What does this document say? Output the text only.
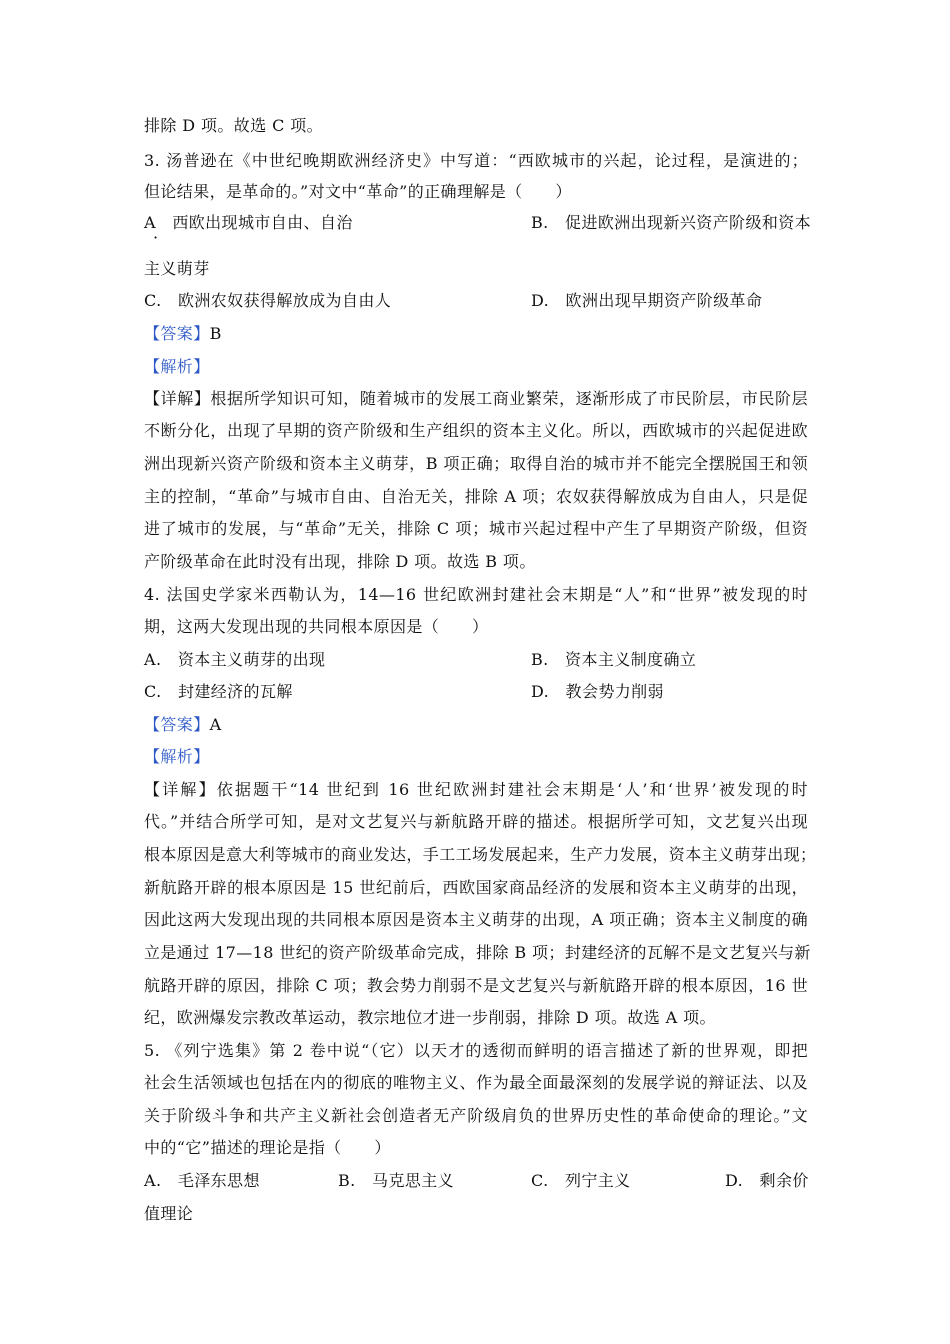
排除 D 项。故选 C 项。
3. 汤普逊在《中世纪晚期欧洲经济史》中写道：“西欧城市的兴起，论过程，是演进的；
但论结果，是革命的。”对文中“革命”的正确理解是（　　）
A　西欧出现城市自由、自治
·
B.　促进欧洲出现新兴资产阶级和资本
主义萌芽
C.　欧洲农奴获得解放成为自由人	D.　欧洲出现早期资产阶级革命
【答案】B
【解析】
【详解】根据所学知识可知，随着城市的发展工商业繁荣，逐渐形成了市民阶层，市民阶层
不断分化，出现了早期的资产阶级和生产组织的资本主义化。所以，西欧城市的兴起促进欧
洲出现新兴资产阶级和资本主义萌芽，B 项正确；取得自治的城市并不能完全摆脱国王和领
主的控制，“革命”与城市自由、自治无关，排除 A 项；农奴获得解放成为自由人，只是促
进了城市的发展，与“革命”无关，排除 C 项；城市兴起过程中产生了早期资产阶级，但资
产阶级革命在此时没有出现，排除 D 项。故选 B 项。
4. 法国史学家米西勒认为，14—16 世纪欧洲封建社会末期是“人”和“世界”被发现的时
期，这两大发现出现的共同根本原因是（　　）
A.　资本主义萌芽的出现	B.　资本主义制度确立
C.　封建经济的瓦解	D.　教会势力削弱
【答案】A
【解析】
【详解】依据题干“14 世纪到 16 世纪欧洲封建社会末期是‘人’和‘世界’被发现的时
代。”并结合所学可知，是对文艺复兴与新航路开辟的描述。根据所学可知，文艺复兴出现
根本原因是意大利等城市的商业发达，手工工场发展起来，生产力发展，资本主义萌芽出现；
新航路开辟的根本原因是 15 世纪前后，西欧国家商品经济的发展和资本主义萌芽的出现，
因此这两大发现出现的共同根本原因是资本主义萌芽的出现，A 项正确；资本主义制度的确
立是通过 17—18 世纪的资产阶级革命完成，排除 B 项；封建经济的瓦解不是文艺复兴与新
航路开辟的原因，排除 C 项；教会势力削弱不是文艺复兴与新航路开辟的根本原因，16 世
纪，欧洲爆发宗教改革运动，教宗地位才进一步削弱，排除 D 项。故选 A 项。
5. 《列宁选集》第 2 卷中说“（它）以天才的透彻而鲜明的语言描述了新的世界观，即把
社会生活领域也包括在内的彻底的唯物主义、作为最全面最深刻的发展学说的辩证法、以及
关于阶级斗争和共产主义新社会创造者无产阶级肩负的世界历史性的革命使命的理论。”文
中的“它”描述的理论是指（　　）
A.　毛泽东思想	B.　马克思主义	C.　列宁主义	D.　剩余价
值理论
